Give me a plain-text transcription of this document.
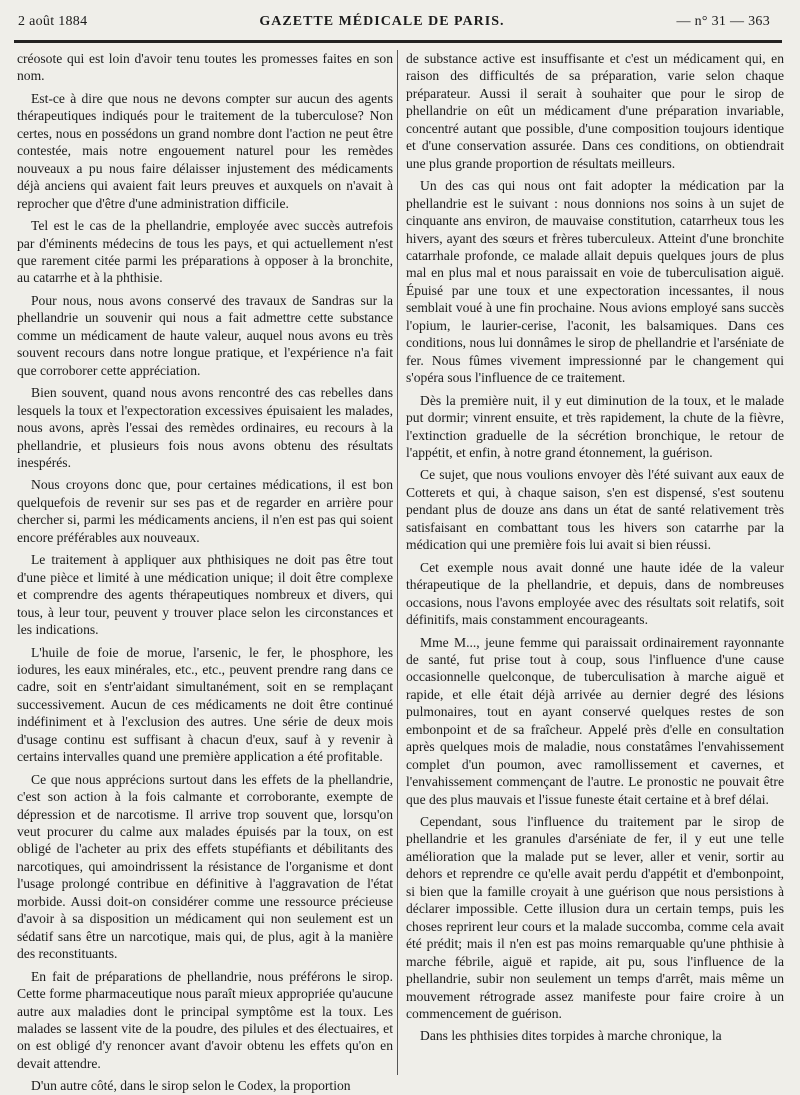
2 août 1884	GAZETTE MÉDICALE DE PARIS.	— n° 31 — 363

créosote qui est loin d'avoir tenu toutes les promesses faites en son nom.

Est-ce à dire que nous ne devons compter sur aucun des agents thérapeutiques indiqués pour le traitement de la tuberculose? Non certes, nous en possédons un grand nombre dont l'action ne peut être contestée, mais notre engouement naturel pour les remèdes nouveaux a pu nous faire délaisser injustement des médicaments déjà anciens qui avaient fait leurs preuves et auxquels on n'avait à reprocher que d'être d'une administration difficile.

Tel est le cas de la phellandrie, employée avec succès autrefois par d'éminents médecins de tous les pays, et qui actuellement n'est que rarement citée parmi les préparations à opposer à la bronchite, au catarrhe et à la phthisie.

Pour nous, nous avons conservé des travaux de Sandras sur la phellandrie un souvenir qui nous a fait admettre cette substance comme un médicament de haute valeur, auquel nous avons eu très souvent recours dans notre longue pratique, et l'expérience n'a fait que corroborer cette appréciation.

Bien souvent, quand nous avons rencontré des cas rebelles dans lesquels la toux et l'expectoration excessives épuisaient les malades, nous avons, après l'essai des remèdes ordinaires, eu recours à la phellandrie, et plusieurs fois nous avons obtenu des résultats inespérés.

Nous croyons donc que, pour certaines médications, il est bon quelquefois de revenir sur ses pas et de regarder en arrière pour chercher si, parmi les médicaments anciens, il n'en est pas qui soient encore préférables aux nouveaux.

Le traitement à appliquer aux phthisiques ne doit pas être tout d'une pièce et limité à une médication unique; il doit être complexe et comprendre des agents thérapeutiques nombreux et divers, qui tous, à leur tour, peuvent y trouver place selon les circonstances et les indications.

L'huile de foie de morue, l'arsenic, le fer, le phosphore, les iodures, les eaux minérales, etc., etc., peuvent prendre rang dans ce cadre, soit en s'entr'aidant simultanément, soit en se remplaçant successivement. Aucun de ces médicaments ne doit être continué indéfiniment et à l'exclusion des autres. Une série de deux mois d'usage continu est suffisant à chacun d'eux, sauf à y revenir à certains intervalles quand une première application a été profitable.

Ce que nous apprécions surtout dans les effets de la phellandrie, c'est son action à la fois calmante et corroborante, exempte de dépression et de narcotisme. Il arrive trop souvent que, lorsqu'on veut procurer du calme aux malades épuisés par la toux, on est obligé de l'acheter au prix des effets stupéfiants et débilitants des narcotiques, qui amoindrissent la résistance de l'organisme et dont l'usage prolongé contribue en définitive à l'aggravation de l'état morbide. Aussi doit-on considérer comme une ressource précieuse d'avoir à sa disposition un médicament qui non seulement est un sédatif sans être un narcotique, mais qui, de plus, agit à la manière des reconstituants.

En fait de préparations de phellandrie, nous préférons le sirop. Cette forme pharmaceutique nous paraît mieux appropriée qu'aucune autre aux maladies dont le principal symptôme est la toux. Les malades se lassent vite de la poudre, des pilules et des électuaires, et on est obligé d'y renoncer avant d'avoir obtenu les effets qu'on en devait attendre.

D'un autre côté, dans le sirop selon le Codex, la proportion

de substance active est insuffisante et c'est un médicament qui, en raison des difficultés de sa préparation, varie selon chaque préparateur. Aussi il serait à souhaiter que pour le sirop de phellandrie on eût un médicament d'une préparation invariable, concentré autant que possible, d'une composition toujours identique et d'une conservation assurée. Dans ces conditions, on obtiendrait une plus grande proportion de résultats meilleurs.

Un des cas qui nous ont fait adopter la médication par la phellandrie est le suivant : nous donnions nos soins à un sujet de cinquante ans environ, de mauvaise constitution, catarrheux tous les hivers, ayant des sœurs et frères tuberculeux. Atteint d'une bronchite catarrhale profonde, ce malade allait depuis quelques jours de plus mal en plus mal et nous paraissait en voie de tuberculisation aiguë. Épuisé par une toux et une expectoration incessantes, il nous semblait voué à une fin prochaine. Nous avions employé sans succès l'opium, le laurier-cerise, l'aconit, les balsamiques. Dans ces conditions, nous lui donnâmes le sirop de phellandrie et l'arséniate de fer. Nous fûmes vivement impressionné par le changement qui s'opéra sous l'influence de ce traitement.

Dès la première nuit, il y eut diminution de la toux, et le malade put dormir; vinrent ensuite, et très rapidement, la chute de la fièvre, l'extinction graduelle de la sécrétion bronchique, le retour de l'appétit, et enfin, à notre grand étonnement, la guérison.

Ce sujet, que nous voulions envoyer dès l'été suivant aux eaux de Cotterets et qui, à chaque saison, s'en est dispensé, s'est soutenu pendant plus de douze ans dans un état de santé relativement très satisfaisant en combattant tous les hivers son catarrhe par la médication qui une première fois lui avait si bien réussi.

Cet exemple nous avait donné une haute idée de la valeur thérapeutique de la phellandrie, et depuis, dans de nombreuses occasions, nous l'avons employée avec des résultats soit relatifs, soit définitifs, mais constamment encourageants.

Mme M..., jeune femme qui paraissait ordinairement rayonnante de santé, fut prise tout à coup, sous l'influence d'une cause occasionnelle quelconque, de tuberculisation à marche aiguë et rapide, et elle était déjà arrivée au dernier degré des lésions pulmonaires, tout en ayant conservé quelques restes de son embonpoint et de sa fraîcheur. Appelé près d'elle en consultation après quelques mois de maladie, nous constatâmes l'envahissement complet d'un poumon, avec ramollissement et cavernes, et l'envahissement commençant de l'autre. Le pronostic ne pouvait être que des plus mauvais et l'issue funeste était certaine et à bref délai.

Cependant, sous l'influence du traitement par le sirop de phellandrie et les granules d'arséniate de fer, il y eut une telle amélioration que la malade put se lever, aller et venir, sortir au dehors et reprendre ce qu'elle avait perdu d'appétit et d'embonpoint, si bien que la famille croyait à une guérison que nous persistions à déclarer impossible. Cette illusion dura un certain temps, puis les choses reprirent leur cours et la malade succomba, comme cela avait été prédit; mais il n'en est pas moins remarquable qu'une phthisie à marche fébrile, aiguë et rapide, ait pu, sous l'influence de la phellandrie, subir non seulement un temps d'arrêt, mais même un mouvement rétrograde assez manifeste pour faire croire à un commencement de guérison.

Dans les phthisies dites torpides à marche chronique, la
